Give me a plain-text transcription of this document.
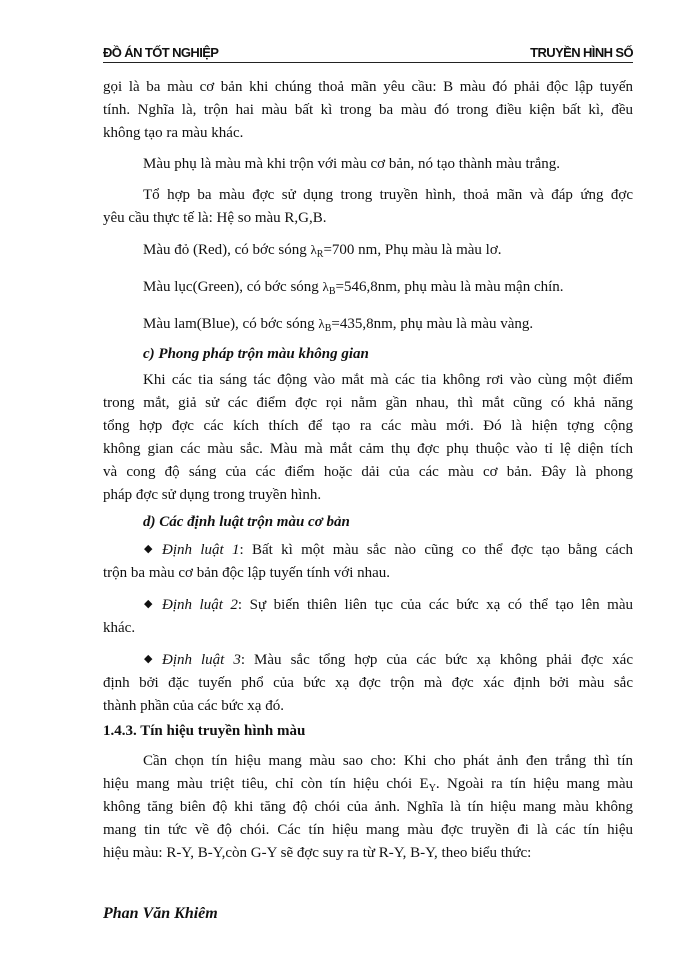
ĐỒ ÁN TỐT NGHIỆP	TRUYỀN HÌNH SỐ
gọi là ba màu cơ bản khi chúng thoả mãn yêu cầu: B màu đó phải độc lập tuyến
tính. Nghĩa là, trộn hai màu bất kì trong ba màu đó trong điều kiện bất kì, đều
không tạo ra màu khác.
Màu phụ là màu mà khi trộn với màu cơ bản, nó tạo thành màu trắng.
Tổ hợp ba màu đợc sử dụng trong truyền hình, thoả mãn và đáp ứng đợc
yêu cầu thực tế là: Hệ so màu R,G,B.
Màu đỏ (Red), có bớc sóng $\lambda_R=700$ nm, Phụ màu là màu lơ.
Màu lục(Green), có bớc sóng $\lambda_B=546,8nm$, phụ màu là màu mận chín.
Màu lam(Blue), có bớc sóng $\lambda_B=435,8nm$, phụ màu là màu vàng.
c) Phong pháp trộn màu không gian
Khi các tia sáng tác động vào mắt mà các tia không rơi vào cùng một điểm
trong mắt, giả sử các điểm đợc rọi nằm gần nhau, thì mắt cũng có khả năng
tổng hợp đợc các kích thích để tạo ra các màu mới. Đó là hiện tợng cộng
không gian các màu sắc. Màu mà mắt cảm thụ đợc phụ thuộc vào tỉ lệ diện tích
và cong độ sáng của các điểm hoặc dải của các màu cơ bản. Đây là phong
pháp đợc sử dụng trong truyền hình.
d) Các định luật trộn màu cơ bản
◆ Định luật 1: Bất kì một màu sắc nào cũng co thể đợc tạo bằng cách
trộn ba màu cơ bản độc lập tuyến tính với nhau.
◆ Định luật 2: Sự biến thiên liên tục của các bức xạ có thể tạo lên màu
khác.
◆ Định luật 3: Màu sắc tổng hợp của các bức xạ không phải đợc xác
định bởi đặc tuyến phổ của bức xạ đợc trộn mà đợc xác định bởi màu sắc
thành phần của các bức xạ đó.
1.4.3. Tín hiệu truyền hình màu
Cần chọn tín hiệu mang màu sao cho: Khi cho phát ảnh đen trắng thì tín
hiệu mang màu triệt tiêu, chỉ còn tín hiệu chói $E_Y$. Ngoài ra tín hiệu mang màu
không tăng biên độ khi tăng độ chói của ảnh. Nghĩa là tín hiệu mang màu không
mang tin tức về độ chói. Các tín hiệu mang màu đợc truyền đi là các tín hiệu
hiệu màu: R-Y, B-Y,còn G-Y sẽ đợc suy ra từ R-Y, B-Y, theo biểu thức:
Phan Văn Khiêm
